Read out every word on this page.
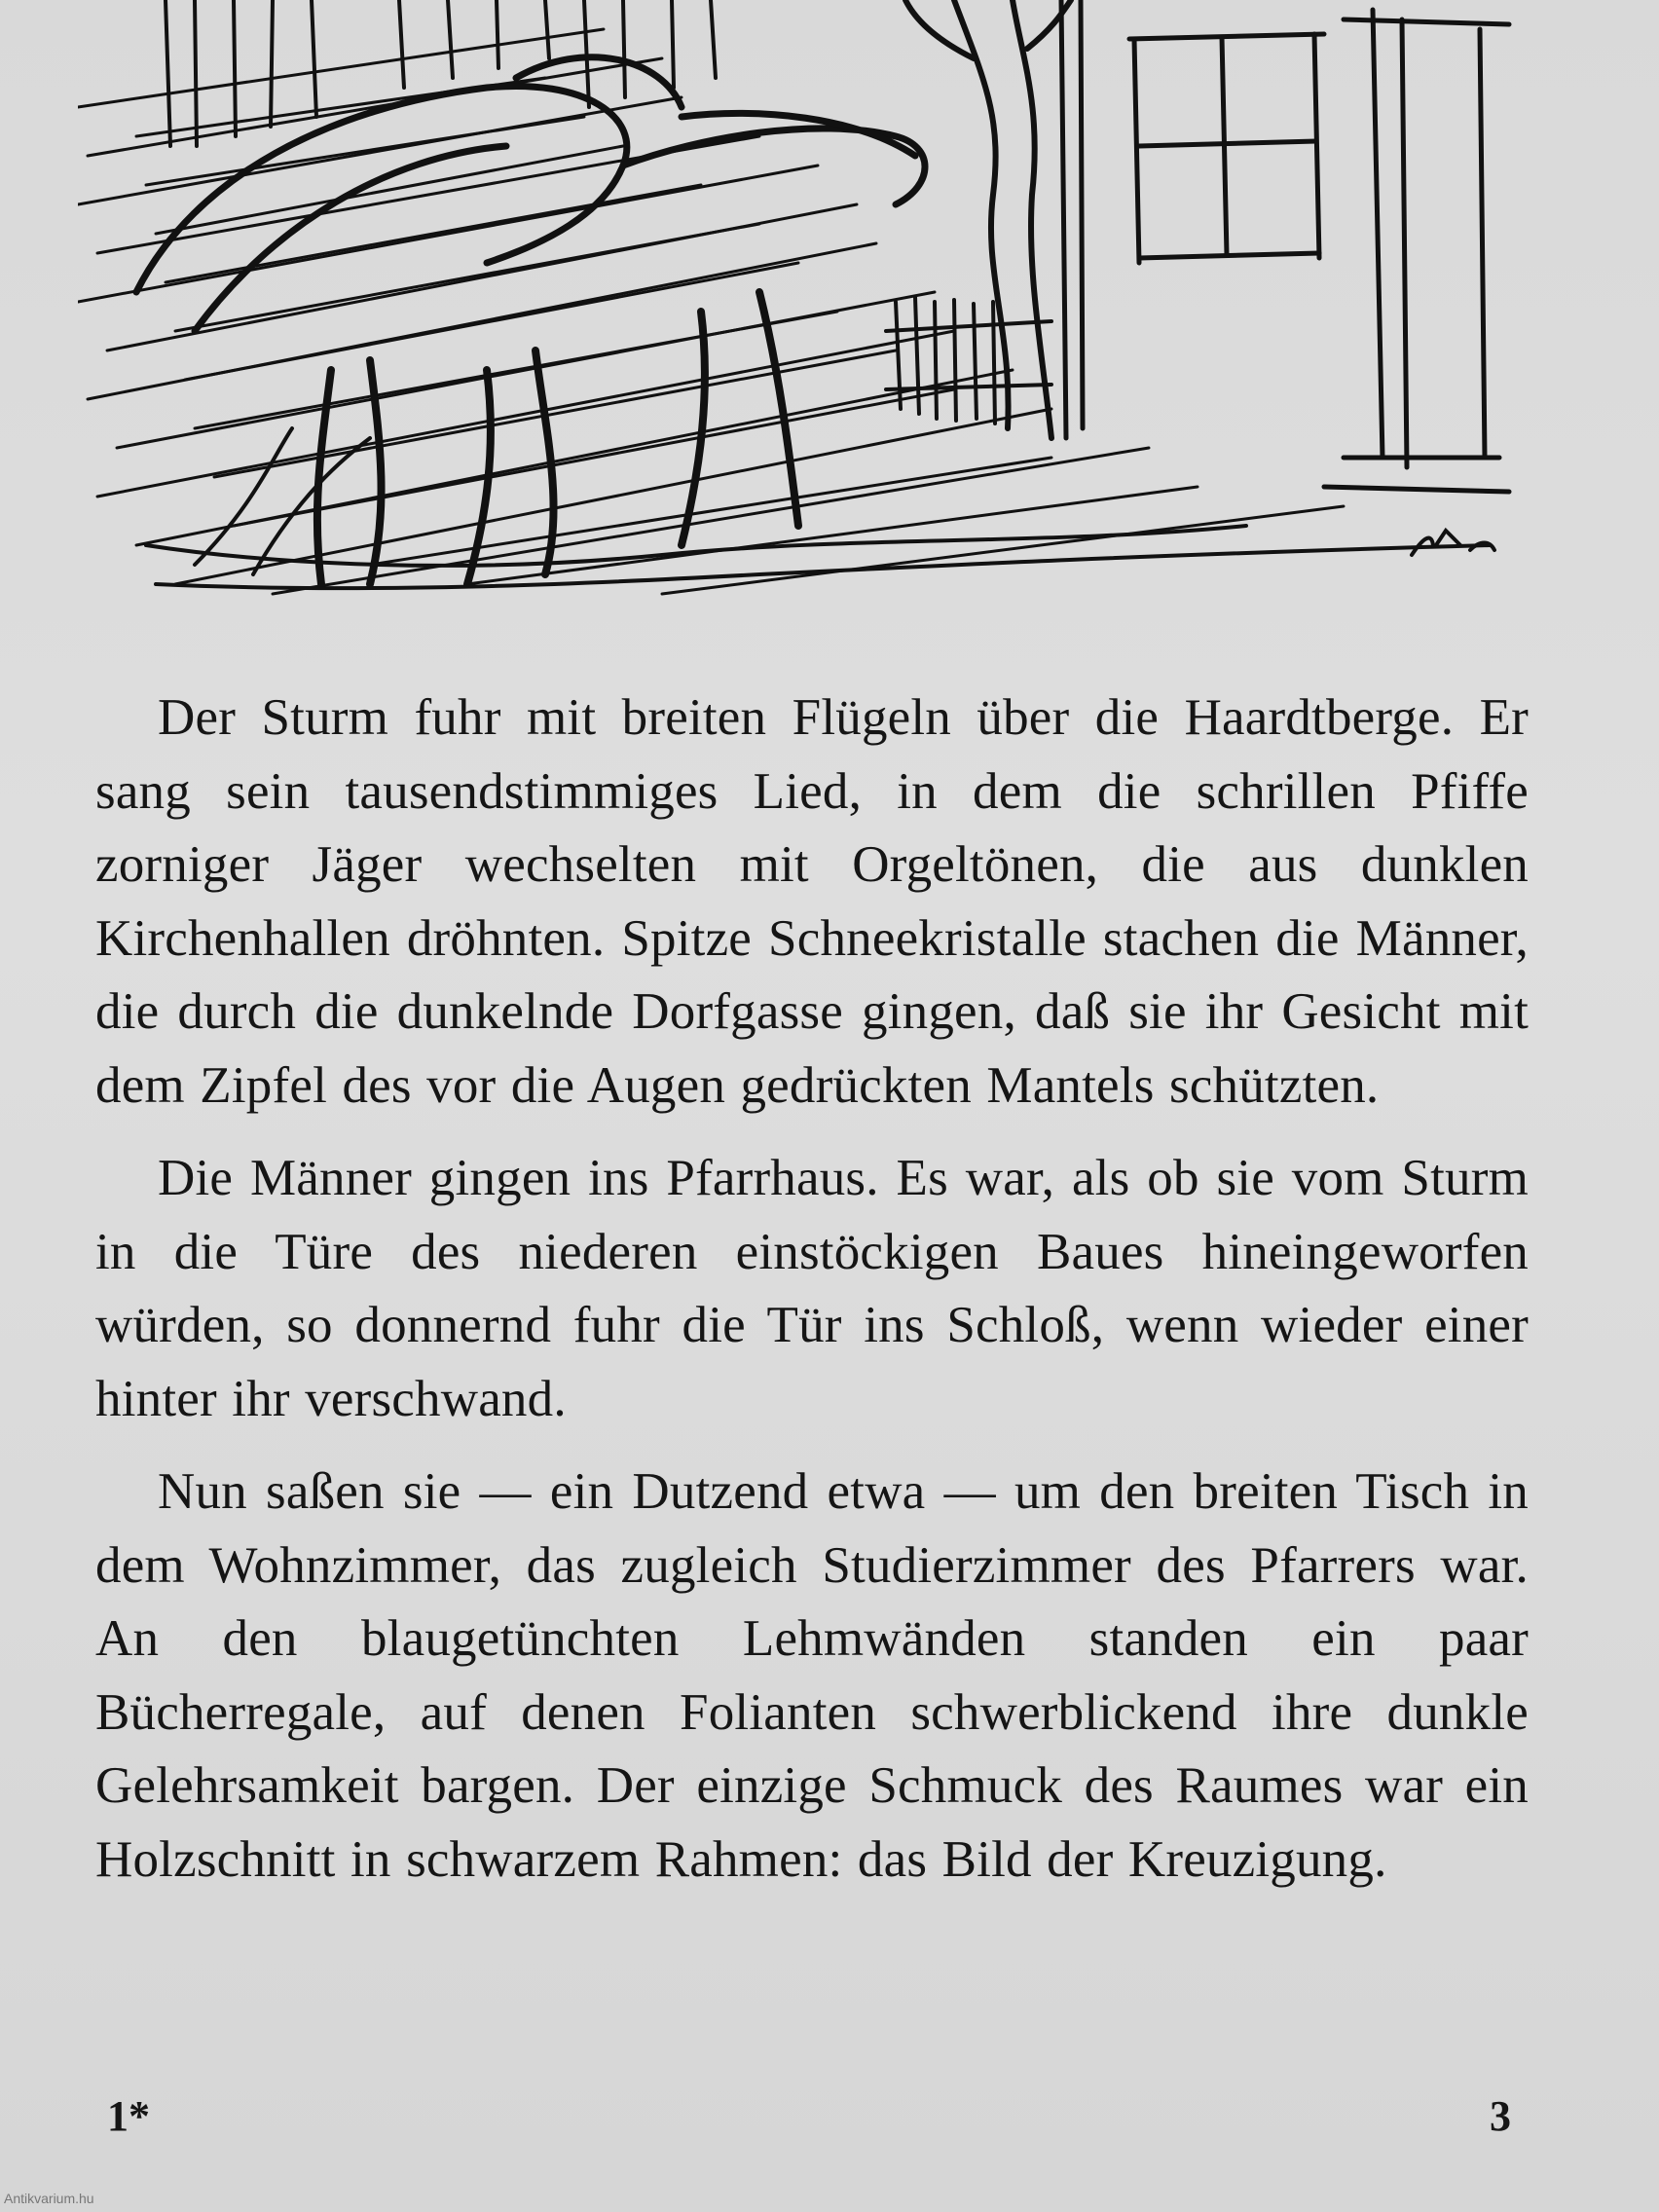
Der Sturm fuhr mit breiten Flügeln über die Haardtberge. Er sang sein tausendstimmiges Lied, in dem die schrillen Pfiffe zorniger Jäger wechselten mit Orgeltönen, die aus dunklen Kirchenhallen dröhnten. Spitze Schneekristalle stachen die Männer, die durch die dunkelnde Dorfgasse gingen, daß sie ihr Gesicht mit dem Zipfel des vor die Augen gedrückten Mantels schützten.

Die Männer gingen ins Pfarrhaus. Es war, als ob sie vom Sturm in die Türe des niederen einstöckigen Baues hineingeworfen würden, so donnernd fuhr die Tür ins Schloß, wenn wieder einer hinter ihr verschwand.

Nun saßen sie — ein Dutzend etwa — um den breiten Tisch in dem Wohnzimmer, das zugleich Studierzimmer des Pfarrers war. An den blaugetünchten Lehmwänden standen ein paar Bücherregale, auf denen Folianten schwerblickend ihre dunkle Gelehrsamkeit bargen. Der einzige Schmuck des Raumes war ein Holzschnitt in schwarzem Rahmen: das Bild der Kreuzigung.

1*	3
Antikvarium.hu
